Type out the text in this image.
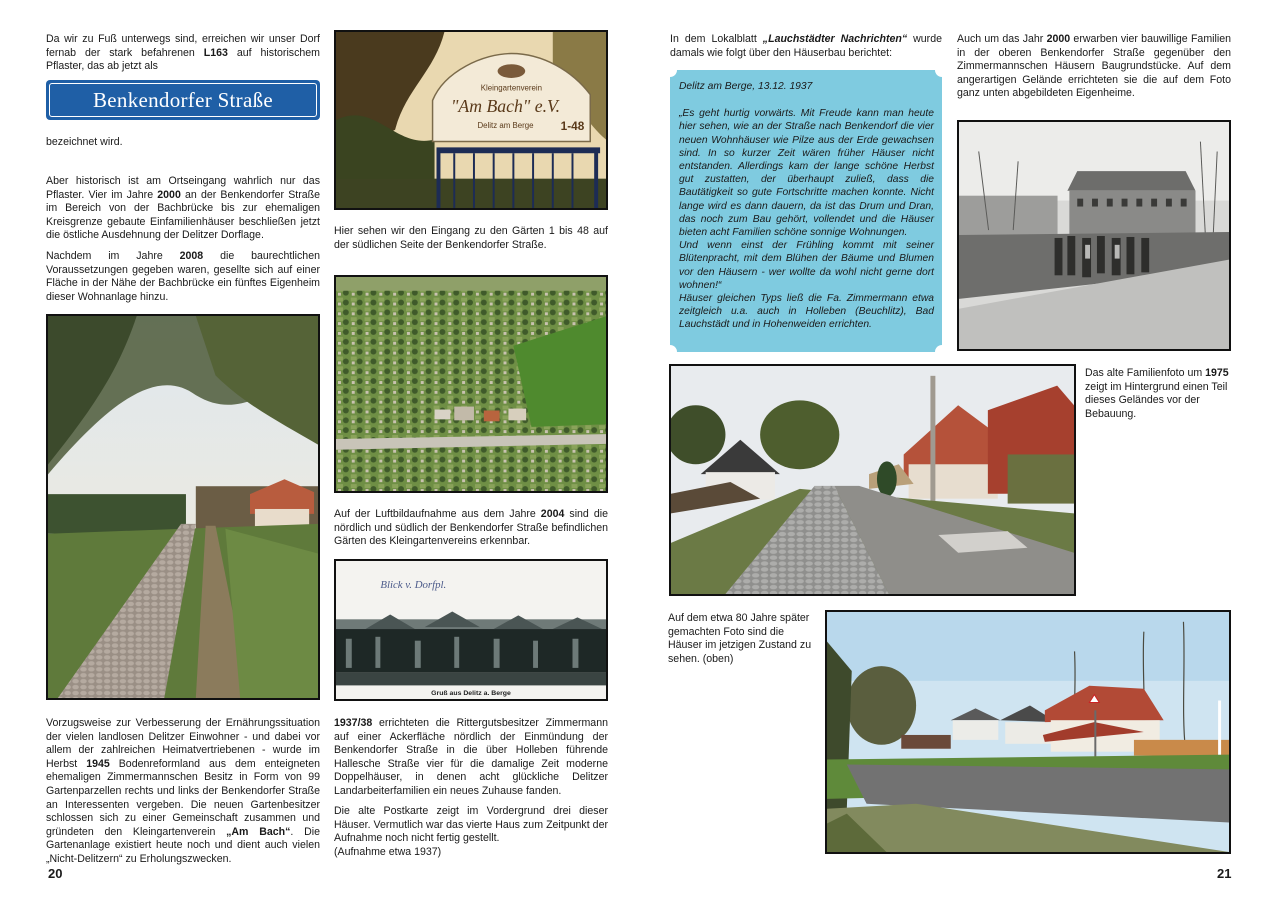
Da wir zu Fuß unterwegs sind, erreichen wir unser Dorf fernab der stark befahrenen L163 auf historischem Pflaster, das ab jetzt als

Benkendorfer Straße

bezeichnet wird.

Aber historisch ist am Ortseingang wahrlich nur das Pflaster. Vier im Jahre 2000 an der Benkendorfer Straße im Bereich von der Bachbrücke bis zur ehemaligen Kreisgrenze gebaute Einfamilienhäuser beschließen jetzt die östliche Ausdehnung der Delitzer Dorflage.

Nachdem im Jahre 2008 die baurechtlichen Voraussetzungen gegeben waren, gesellte sich auf einer Fläche in der Nähe der Bachbrücke ein fünftes Eigenheim dieser Wohnanlage hinzu.

Vorzugsweise zur Verbesserung der Ernährungssituation der vielen landlosen Delitzer Einwohner - und dabei vor allem der zahlreichen Heimatvertriebenen - wurde im Herbst 1945 Bodenreformland aus dem enteigneten ehemaligen Zimmermannschen Besitz in Form von 99 Gartenparzellen rechts und links der Benkendorfer Straße an Interessenten vergeben. Die neuen Gartenbesitzer schlossen sich zu einer Gemeinschaft zusammen und gründeten den Kleingartenverein „Am Bach“. Die Gartenanlage existiert heute noch und dient auch vielen „Nicht-Delitzern“ zu Erholungszwecken.

20
Kleingartenverein
"Am Bach" e.V.
Delitz am Berge 1-48

Hier sehen wir den Eingang zu den Gärten 1 bis 48 auf der südlichen Seite der Benkendorfer Straße.

Auf der Luftbildaufnahme aus dem Jahre 2004 sind die nördlich und südlich der Benkendorfer Straße befindlichen Gärten des Kleingartenvereins erkennbar.

Blick v. Dorfpl.
Gruß aus Delitz a. Berge

1937/38 errichteten die Rittergutsbesitzer Zimmermann auf einer Ackerfläche nördlich der Einmündung der Benkendorfer Straße in die über Holleben führende Hallesche Straße vier für die damalige Zeit moderne Doppelhäuser, in denen acht glückliche Delitzer Landarbeiterfamilien ein neues Zuhause fanden.

Die alte Postkarte zeigt im Vordergrund drei dieser Häuser. Vermutlich war das vierte Haus zum Zeitpunkt der Aufnahme noch nicht fertig gestellt.

(Aufnahme etwa 1937)

In dem Lokalblatt „Lauchstädter Nachrichten“ wurde damals wie folgt über den Häuserbau berichtet:

Delitz am Berge, 13.12. 1937
„Es geht hurtig vorwärts. Mit Freude kann man heute hier sehen, wie an der Straße nach Benkendorf die vier neuen Wohnhäuser wie Pilze aus der Erde gewachsen sind. In so kurzer Zeit wären früher Häuser nicht entstanden. Allerdings kam der lange schöne Herbst gut zustatten, der überhaupt zuließ, dass die Bautätigkeit so gute Fortschritte machen konnte. Nicht lange wird es dann dauern, da ist das Drum und Dran, das noch zum Bau gehört, vollendet und die Häuser bieten acht Familien schöne sonnige Wohnungen.
Und wenn einst der Frühling kommt mit seiner Blütenpracht, mit dem Blühen der Bäume und Blumen vor den Häusern - wer wollte da wohl nicht gerne dort wohnen!“
Häuser gleichen Typs ließ die Fa. Zimmermann etwa zeitgleich u.a. auch in Holleben (Beuchlitz), Bad Lauchstädt und in Hohenweiden errichten.

Auch um das Jahr 2000 erwarben vier bauwillige Familien in der oberen Benkendorfer Straße gegenüber den Zimmermannschen Häusern Baugrundstücke. Auf dem angerartigen Gelände errichteten sie die auf dem Foto ganz unten abgebildeten Eigenheime.

Das alte Familienfoto um 1975 zeigt im Hintergrund einen Teil dieses Geländes vor der Bebauung.

Auf dem etwa 80 Jahre später gemachten Foto sind die Häuser im jetzigen Zustand zu sehen. (oben)

21
